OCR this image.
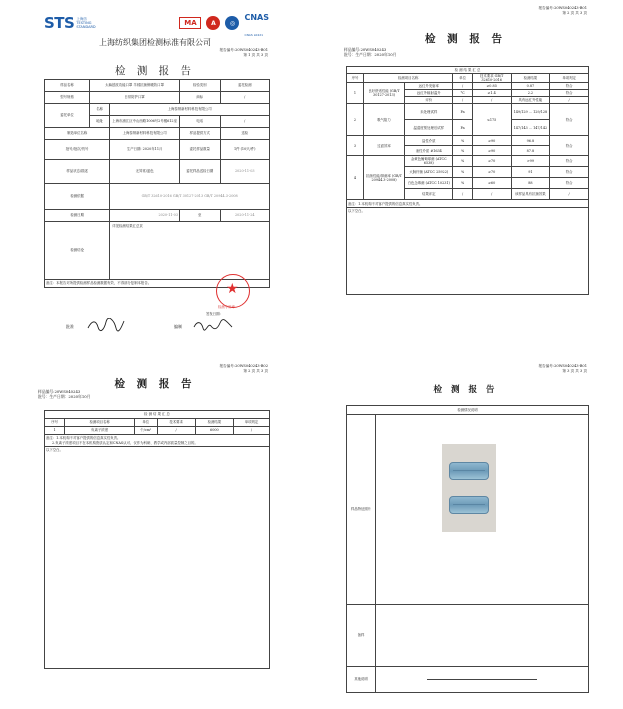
STS 上海纺
TESTING
STANDARD
MA	A	◎
CNAS
CNAS L0421
上海纺织集团检测标准有限公司
报告编号:20WS040243-B01
第 1 页 共 3 页
检 测 报 告
样品名称	太赫兹波功能口罩 羊绒抗菌保暖防口罩		检验类别	委托检测
型号规格	日常防护口罩		商标	/
委托单位	名称	上海泰纳新材料科技有限公司		
	地址	上海市浦江区中山西路1006号2号楼612室	电话	/
制造单位名称		上海泰纳新材料科技有限公司	样品提供方式	送检
批号/批次/货号		生产日期: 2020年11月	委托样品数量	1件 (10只/件)
样品状态/描述		无异常/蓝色	委托样品送检日期	2020-11-03
检测依据		GB/T 32610-2016 GB/T 30127-2013 GB/T 20944.3-2008		
检测日期		2020-11-03	至	2020-11-24
检测结论		详见检测结果汇总页		
备注：本报告对所提供检测样品检测数据有效，不得部分复制本报告。					★
检测专用章
签发日期:
批准	编制
报告编号:20WS040243-B01
第 2 页 共 3 页
检 测 报 告
样品编号:20WS040243
批号：生产日期：2020年10月
检 测 结 果 汇 总						
序号	检测项目名称		单位	技术要求 GB/T 32610-2016	检测结果	单项判定
1	良好舒适性能 (GB/T 30127-2013)	远红外发射率	/	≥0.85	0.87	符合
		远红外辐射温升	°C	≥1.4	2.2	符合
		评价	/	/	具有远红外性能	/
2	吸气阻力	未处理试样	Pa	≤175	149/129 ... 129/128	符合
		温湿度预处理后试样	Pa		147/143 ... 147/142	
3	过滤效率	盐性介质	%	≥90	96.8	符合
		油性介质 #1634	%	≥90	87.8	
4	抗菌性能/抑菌率 (GB/T 20944.3-2008)	金黄色葡萄球菌 (ATCC 6538)	%	≥70	>99	符合
		大肠杆菌 (ATCC 25922)	%	≥70	91	符合
		白色念珠菌 (ATCC 10231)	%	≥60	88	符合
		结果评定	/	/	该样品具有抗菌效果	/
备注：1.本机构不对客户提供的信息真实性负责。						
以下空白。						
报告编号:20WS040243-B02
第 2 页 共 3 页
检 测 报 告
样品编号:20WS040243
批号：生产日期：2020年10月
检 测 结 果 汇 总					
序号	检测项目名称	单位	技术要求	检测结果	单项判定
1	负离子浓度	个/cm³	/	6000	/

备注：1.本机构不对客户提供的信息真实性负责。
2.负离子浓度项目不在本机构资质认定和CNAS认可、仅作为科研、教学或内部质量控制之目的。					

以下空白。					
报告编号:20WS040243-B01
第 3 页 共 3 页
检 测 报 告
检测情况说明	
样品特征照片	
备样	
其他说明	
